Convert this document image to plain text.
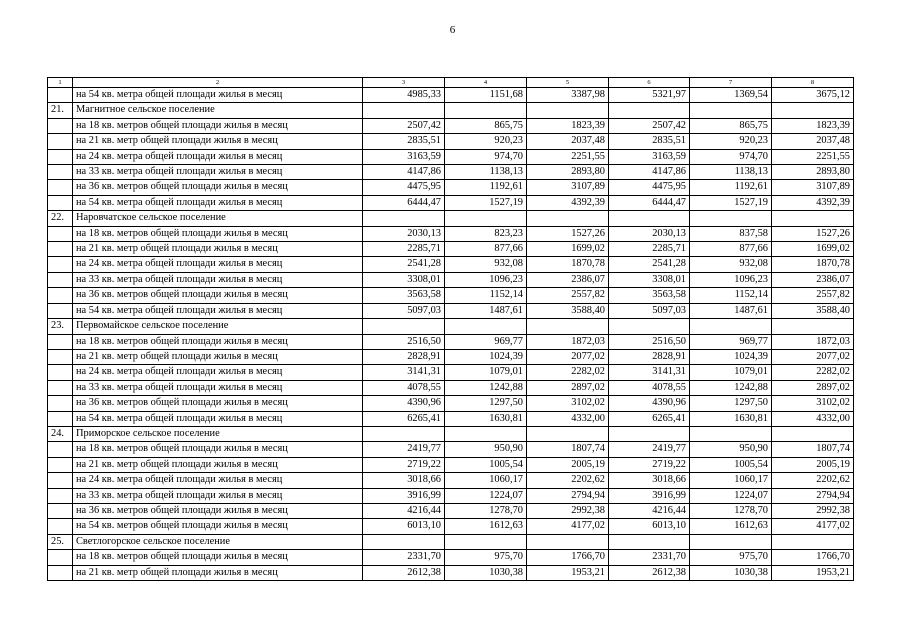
6
1	2	3	4	5	6	7	8
	на 54 кв. метра общей площади жилья в месяц	4985,33	1151,68	3387,98	5321,97	1369,54	3675,12
21.	Магнитное сельское поселение						
	на 18 кв. метров общей площади жилья в месяц	2507,42	865,75	1823,39	2507,42	865,75	1823,39
	на 21 кв. метр общей площади жилья в месяц	2835,51	920,23	2037,48	2835,51	920,23	2037,48
	на 24 кв. метра общей площади жилья в месяц	3163,59	974,70	2251,55	3163,59	974,70	2251,55
	на 33 кв. метра общей площади жилья в месяц	4147,86	1138,13	2893,80	4147,86	1138,13	2893,80
	на 36 кв. метров общей площади жилья в месяц	4475,95	1192,61	3107,89	4475,95	1192,61	3107,89
	на 54 кв. метра общей площади жилья в месяц	6444,47	1527,19	4392,39	6444,47	1527,19	4392,39
22.	Наровчатское сельское поселение						
	на 18 кв. метров общей площади жилья в месяц	2030,13	823,23	1527,26	2030,13	837,58	1527,26
	на 21 кв. метр общей площади жилья в месяц	2285,71	877,66	1699,02	2285,71	877,66	1699,02
	на 24 кв. метра общей площади жилья в месяц	2541,28	932,08	1870,78	2541,28	932,08	1870,78
	на 33 кв. метра общей площади жилья в месяц	3308,01	1096,23	2386,07	3308,01	1096,23	2386,07
	на 36 кв. метров общей площади жилья в месяц	3563,58	1152,14	2557,82	3563,58	1152,14	2557,82
	на 54 кв. метра общей площади жилья в месяц	5097,03	1487,61	3588,40	5097,03	1487,61	3588,40
23.	Первомайское сельское поселение						
	на 18 кв. метров общей площади жилья в месяц	2516,50	969,77	1872,03	2516,50	969,77	1872,03
	на 21 кв. метр общей площади жилья в месяц	2828,91	1024,39	2077,02	2828,91	1024,39	2077,02
	на 24 кв. метра общей площади жилья в месяц	3141,31	1079,01	2282,02	3141,31	1079,01	2282,02
	на 33 кв. метра общей площади жилья в месяц	4078,55	1242,88	2897,02	4078,55	1242,88	2897,02
	на 36 кв. метров общей площади жилья в месяц	4390,96	1297,50	3102,02	4390,96	1297,50	3102,02
	на 54 кв. метра общей площади жилья в месяц	6265,41	1630,81	4332,00	6265,41	1630,81	4332,00
24.	Приморское сельское поселение						
	на 18 кв. метров общей площади жилья в месяц	2419,77	950,90	1807,74	2419,77	950,90	1807,74
	на 21 кв. метр общей площади жилья в месяц	2719,22	1005,54	2005,19	2719,22	1005,54	2005,19
	на 24 кв. метра общей площади жилья в месяц	3018,66	1060,17	2202,62	3018,66	1060,17	2202,62
	на 33 кв. метра общей площади жилья в месяц	3916,99	1224,07	2794,94	3916,99	1224,07	2794,94
	на 36 кв. метров общей площади жилья в месяц	4216,44	1278,70	2992,38	4216,44	1278,70	2992,38
	на 54 кв. метров общей площади жилья в месяц	6013,10	1612,63	4177,02	6013,10	1612,63	4177,02
25.	Светлогорское сельское поселение						
	на 18 кв. метров общей площади жилья в месяц	2331,70	975,70	1766,70	2331,70	975,70	1766,70
	на 21 кв. метр общей площади жилья в месяц	2612,38	1030,38	1953,21	2612,38	1030,38	1953,21
